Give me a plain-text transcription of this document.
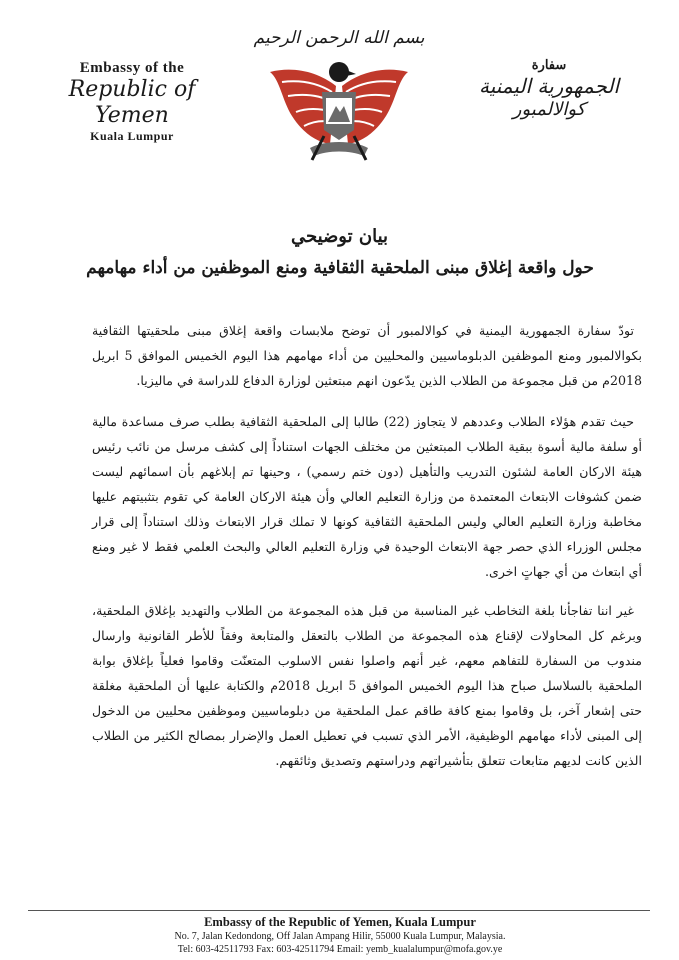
Embassy of the
Republic of Yemen
Kuala Lumpur
بسم الله الرحمن الرحيم
سفارة
الجمهورية اليمنية
كوالالمبور
بيان توضيحي
حول واقعة إغلاق مبنى الملحقية الثقافية ومنع الموظفين من أداء مهامهم

تودّ سفارة الجمهورية اليمنية في كوالالمبور أن توضح ملابسات واقعة إغلاق مبنى ملحقيتها الثقافية بكوالالمبور ومنع الموظفين الدبلوماسيين والمحليين من أداء مهامهم هذا اليوم الخميس الموافق 5 ابريل 2018م من قبل مجموعة من الطلاب الذين يدّعون انهم مبتعثين لوزارة الدفاع للدراسة في ماليزيا.

حيث تقدم هؤلاء الطلاب وعددهم لا يتجاوز (22) طالبا إلى الملحقية الثقافية بطلب صرف مساعدة مالية أو سلفة مالية أسوة ببقية الطلاب المبتعثين من مختلف الجهات استناداً إلى كشف مرسل من نائب رئيس هيئة الاركان العامة لشئون التدريب والتأهيل (دون ختم رسمي) ، وحينها تم إبلاغهم بأن اسمائهم ليست ضمن كشوفات الابتعاث المعتمدة من وزارة التعليم العالي وأن هيئة الاركان العامة كي تقوم بتثبيتهم عليها مخاطبة وزارة التعليم العالي وليس الملحقية الثقافية كونها لا تملك قرار الابتعاث وذلك استناداً إلى قرار مجلس الوزراء الذي حصر جهة الابتعاث الوحيدة في وزارة التعليم العالي والبحث العلمي فقط لا غير ومنع أي ابتعاث من أي جهاتٍ اخرى.

غير اننا تفاجأنا بلغة التخاطب غير المناسبة من قبل هذه المجموعة من الطلاب والتهديد بإغلاق الملحقية، وبرغم كل المحاولات لإقناع هذه المجموعة من الطلاب بالتعقل والمتابعة وفقاً للأطر القانونية وارسال مندوب من السفارة للتفاهم معهم، غير أنهم واصلوا نفس الاسلوب المتعنّت وقاموا فعلياً بإغلاق بوابة الملحقية بالسلاسل صباح هذا اليوم الخميس الموافق 5 ابريل 2018م والكتابة عليها أن الملحقية مغلقة حتى إشعار آخر، بل وقاموا بمنع كافة طاقم عمل الملحقية من دبلوماسيين وموظفين محليين من الدخول إلى المبنى لأداء مهامهم الوظيفية، الأمر الذي تسبب في تعطيل العمل والإضرار بمصالح الكثير من الطلاب الذين كانت لديهم متابعات تتعلق بتأشيراتهم ودراستهم وتصديق وثائقهم.

Embassy of the Republic of Yemen, Kuala Lumpur
No. 7, Jalan Kedondong, Off Jalan Ampang Hilir, 55000 Kuala Lumpur, Malaysia.
Tel: 603-42511793 Fax: 603-42511794 Email: yemb_kualalumpur@mofa.gov.ye
